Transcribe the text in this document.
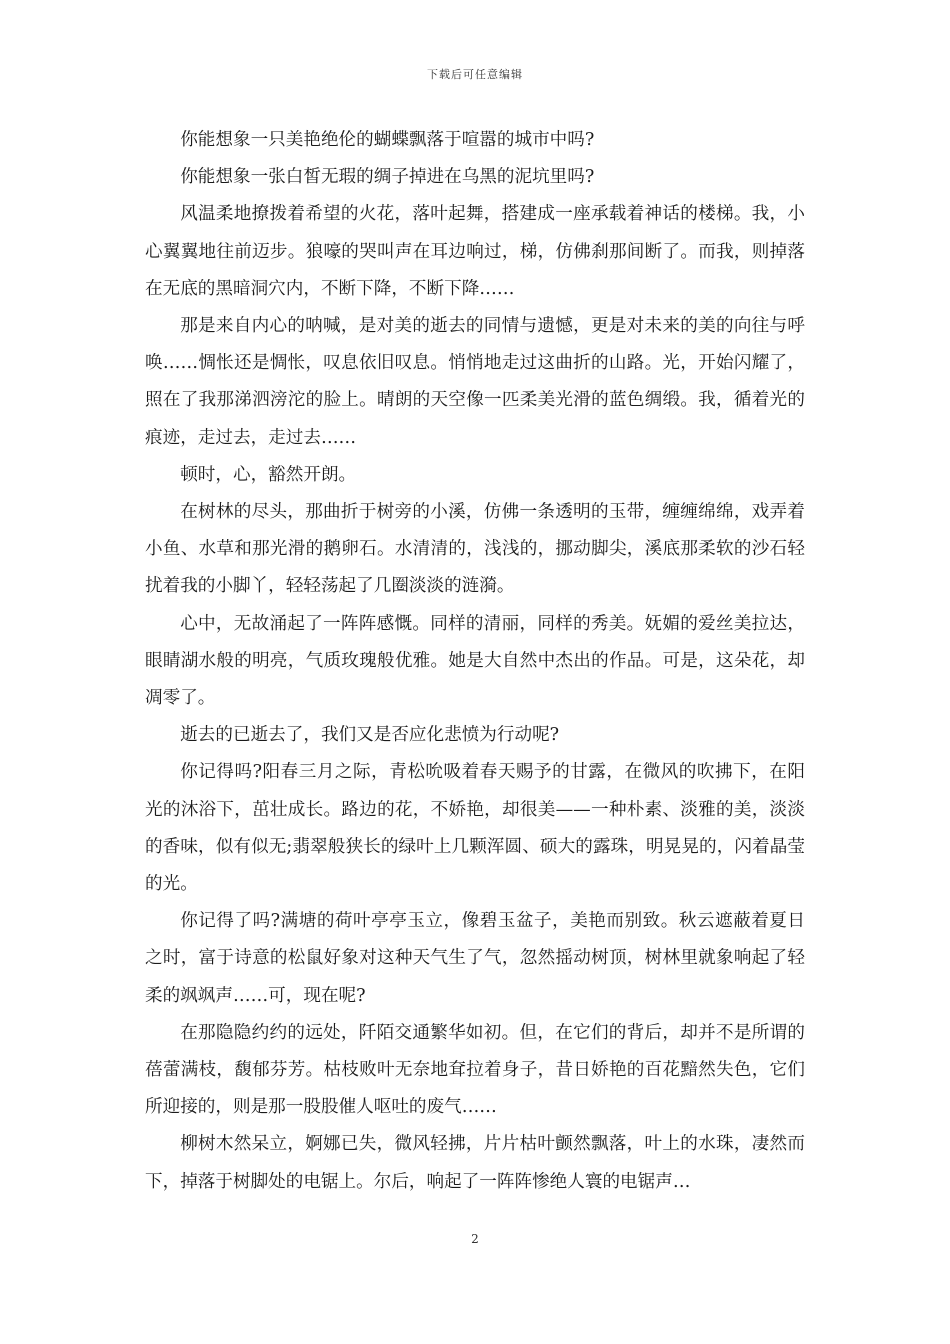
下载后可任意编辑

你能想象一只美艳绝伦的蝴蝶飘落于喧嚣的城市中吗?

你能想象一张白皙无瑕的绸子掉进在乌黑的泥坑里吗?

风温柔地撩拨着希望的火花，落叶起舞，搭建成一座承载着神话的楼梯。我，小心翼翼地往前迈步。狼嚎的哭叫声在耳边响过，梯，仿佛刹那间断了。而我，则掉落在无底的黑暗洞穴内，不断下降，不断下降……

那是来自内心的呐喊，是对美的逝去的同情与遗憾，更是对未来的美的向往与呼唤……惆怅还是惆怅，叹息依旧叹息。悄悄地走过这曲折的山路。光，开始闪耀了，照在了我那涕泗滂沱的脸上。晴朗的天空像一匹柔美光滑的蓝色绸缎。我，循着光的痕迹，走过去，走过去……

顿时，心，豁然开朗。

在树林的尽头，那曲折于树旁的小溪，仿佛一条透明的玉带，缠缠绵绵，戏弄着小鱼、水草和那光滑的鹅卵石。水清清的，浅浅的，挪动脚尖，溪底那柔软的沙石轻扰着我的小脚丫，轻轻荡起了几圈淡淡的涟漪。

心中，无故涌起了一阵阵感慨。同样的清丽，同样的秀美。妩媚的爱丝美拉达，眼睛湖水般的明亮，气质玫瑰般优雅。她是大自然中杰出的作品。可是，这朵花，却凋零了。

逝去的已逝去了，我们又是否应化悲愤为行动呢?

你记得吗?阳春三月之际，青松吮吸着春天赐予的甘露，在微风的吹拂下，在阳光的沐浴下，茁壮成长。路边的花，不娇艳，却很美——一种朴素、淡雅的美，淡淡的香味，似有似无;翡翠般狭长的绿叶上几颗浑圆、硕大的露珠，明晃晃的，闪着晶莹的光。

你记得了吗?满塘的荷叶亭亭玉立，像碧玉盆子，美艳而别致。秋云遮蔽着夏日之时，富于诗意的松鼠好象对这种天气生了气，忽然摇动树顶，树林里就象响起了轻柔的飒飒声……可，现在呢?

在那隐隐约约的远处，阡陌交通繁华如初。但，在它们的背后，却并不是所谓的蓓蕾满枝，馥郁芬芳。枯枝败叶无奈地耷拉着身子，昔日娇艳的百花黯然失色，它们所迎接的，则是那一股股催人呕吐的废气……

柳树木然呆立，婀娜已失，微风轻拂，片片枯叶颤然飘落，叶上的水珠，凄然而下，掉落于树脚处的电锯上。尔后，响起了一阵阵惨绝人寰的电锯声…

2
